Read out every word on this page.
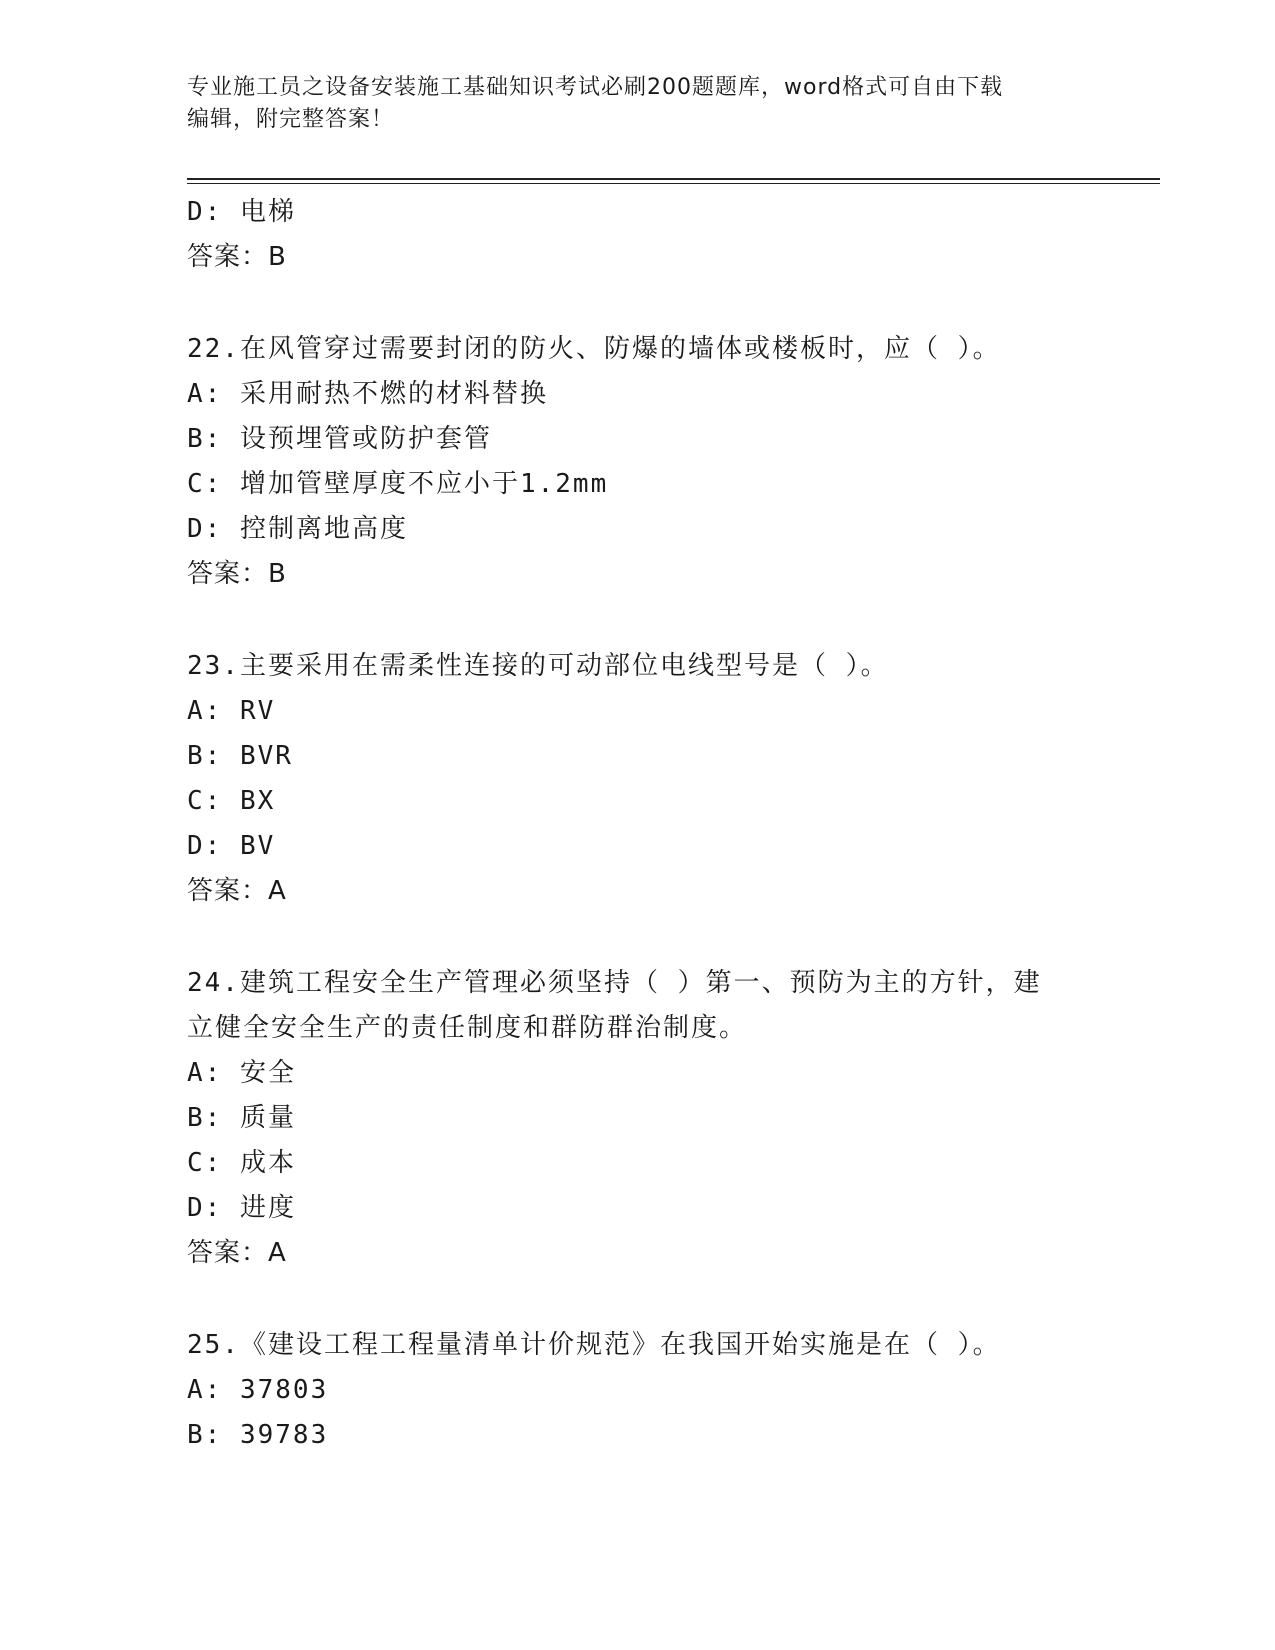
专业施工员之设备安装施工基础知识考试必刷200题题库，word格式可自由下载
编辑，附完整答案！
D: 电梯
答案：B
22.在风管穿过需要封闭的防火、防爆的墙体或楼板时，应（ ）。
A: 采用耐热不燃的材料替换
B: 设预埋管或防护套管
C: 增加管壁厚度不应小于1.2mm
D: 控制离地高度
答案：B
23.主要采用在需柔性连接的可动部位电线型号是（ ）。
A: RV
B: BVR
C: BX
D: BV
答案：A
24.建筑工程安全生产管理必须坚持（ ）第一、预防为主的方针，建
立健全安全生产的责任制度和群防群治制度。
A: 安全
B: 质量
C: 成本
D: 进度
答案：A
25.《建设工程工程量清单计价规范》在我国开始实施是在（ ）。
A: 37803
B: 39783
